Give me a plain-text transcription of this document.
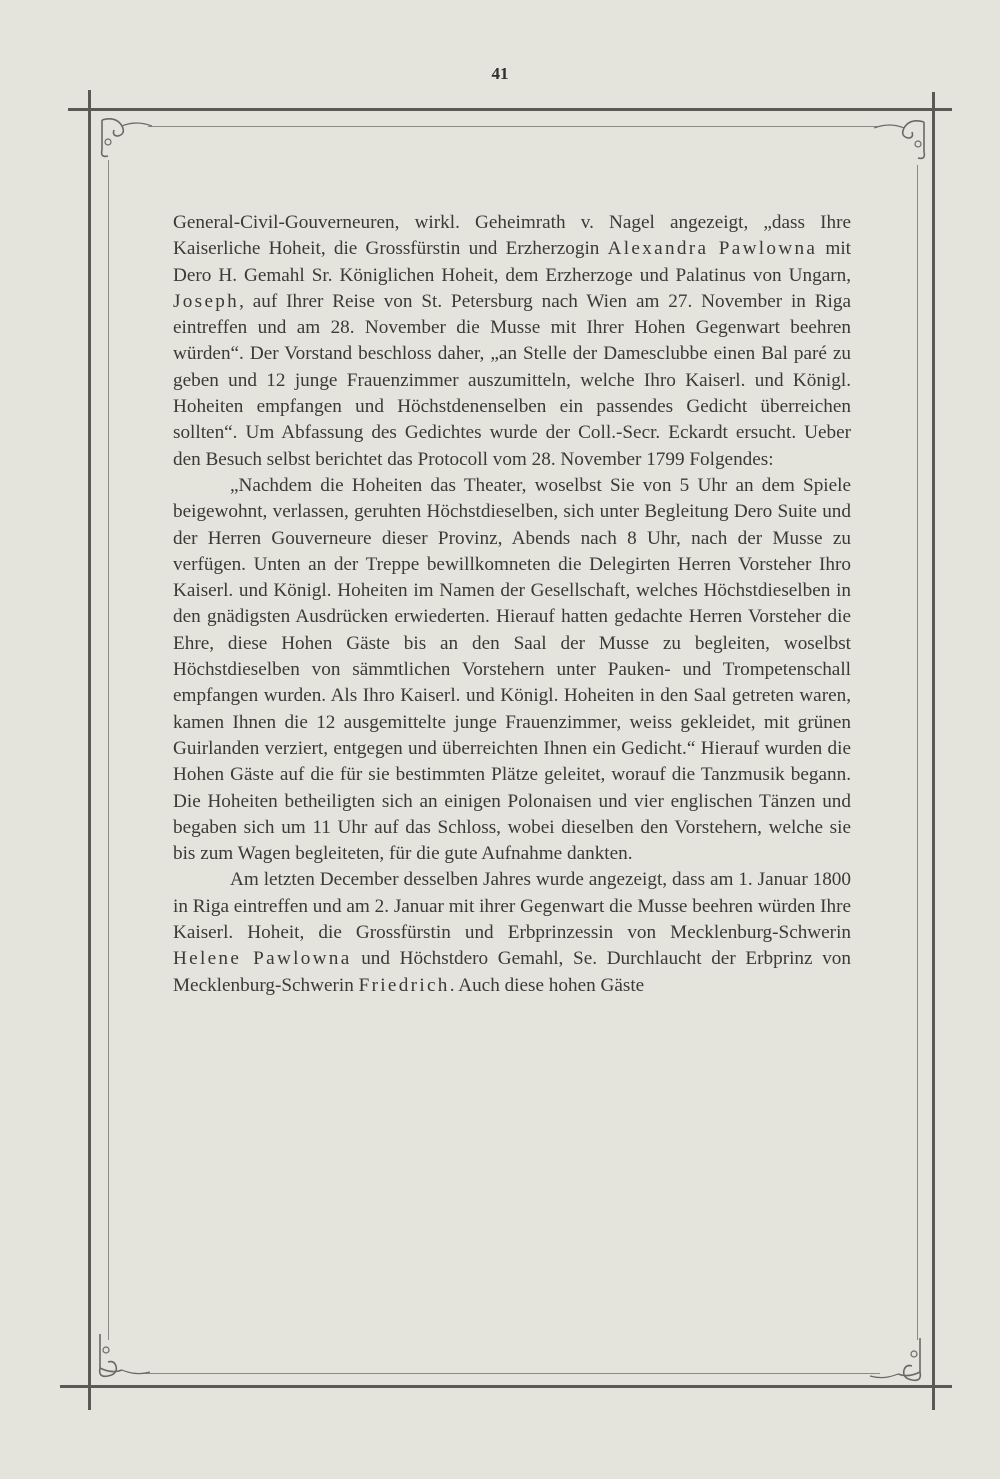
41

General-Civil-Gouverneuren, wirkl. Geheimrath v. Nagel angezeigt, „dass Ihre Kaiserliche Hoheit, die Grossfürstin und Erzherzogin Alexandra Pawlowna mit Dero H. Gemahl Sr. Königlichen Hoheit, dem Erzherzoge und Palatinus von Ungarn, Joseph, auf Ihrer Reise von St. Petersburg nach Wien am 27. November in Riga eintreffen und am 28. November die Musse mit Ihrer Hohen Gegenwart beehren würden“. Der Vorstand beschloss daher, „an Stelle der Damesclubbe einen Bal paré zu geben und 12 junge Frauenzimmer auszumitteln, welche Ihro Kaiserl. und Königl. Hoheiten empfangen und Höchstdenenselben ein passendes Gedicht überreichen sollten“. Um Abfassung des Gedichtes wurde der Coll.-Secr. Eckardt ersucht. Ueber den Besuch selbst berichtet das Protocoll vom 28. November 1799 Folgendes:

„Nachdem die Hoheiten das Theater, woselbst Sie von 5 Uhr an dem Spiele beigewohnt, verlassen, geruhten Höchstdieselben, sich unter Begleitung Dero Suite und der Herren Gouverneure dieser Provinz, Abends nach 8 Uhr, nach der Musse zu verfügen. Unten an der Treppe bewillkomneten die Delegirten Herren Vorsteher Ihro Kaiserl. und Königl. Hoheiten im Namen der Gesellschaft, welches Höchstdieselben in den gnädigsten Ausdrücken erwiederten. Hierauf hatten gedachte Herren Vorsteher die Ehre, diese Hohen Gäste bis an den Saal der Musse zu begleiten, woselbst Höchstdieselben von sämmtlichen Vorstehern unter Pauken- und Trompetenschall empfangen wurden. Als Ihro Kaiserl. und Königl. Hoheiten in den Saal getreten waren, kamen Ihnen die 12 ausgemittelte junge Frauenzimmer, weiss gekleidet, mit grünen Guirlanden verziert, entgegen und überreichten Ihnen ein Gedicht.“ Hierauf wurden die Hohen Gäste auf die für sie bestimmten Plätze geleitet, worauf die Tanzmusik begann. Die Hoheiten betheiligten sich an einigen Polonaisen und vier englischen Tänzen und begaben sich um 11 Uhr auf das Schloss, wobei dieselben den Vorstehern, welche sie bis zum Wagen begleiteten, für die gute Aufnahme dankten.

Am letzten December desselben Jahres wurde angezeigt, dass am 1. Januar 1800 in Riga eintreffen und am 2. Januar mit ihrer Gegenwart die Musse beehren würden Ihre Kaiserl. Hoheit, die Grossfürstin und Erbprinzessin von Mecklenburg-Schwerin Helene Pawlowna und Höchstdero Gemahl, Se. Durchlaucht der Erbprinz von Mecklenburg-Schwerin Friedrich. Auch diese hohen Gäste
